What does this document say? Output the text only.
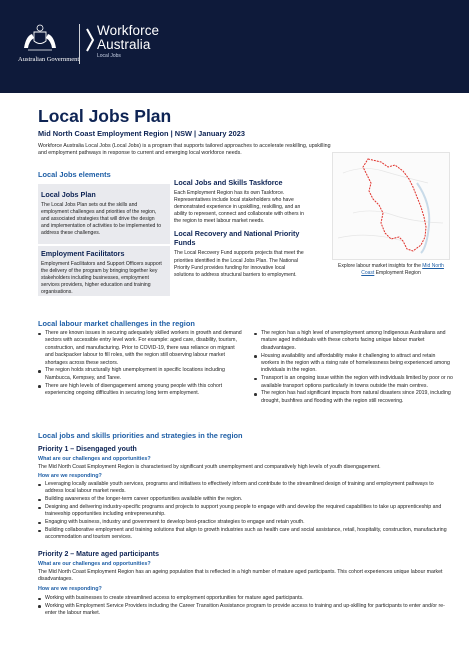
Australian Government
Workforce
Australia
Local Jobs
Local Jobs Plan
Mid North Coast Employment Region | NSW | January 2023
Workforce Australia Local Jobs (Local Jobs) is a program that supports tailored approaches to accelerate reskilling, upskilling and employment pathways in response to current and emerging local workforce needs.
Local Jobs elements
Local Jobs Plan
The Local Jobs Plan sets out the skills and employment challenges and priorities of the region, and associated strategies that will drive the design and implementation of activities to be implemented to address these challenges.
Employment Facilitators
Employment Facilitators and Support Officers support the delivery of the program by bringing together key stakeholders including businesses, employment services providers, higher education and training organisations.
Local Jobs and Skills Taskforce
Each Employment Region has its own Taskforce. Representatives include local stakeholders who have demonstrated experience in upskilling, reskilling, and an ability to represent, connect and collaborate with others in the region to meet labour market needs.
Local Recovery and National Priority Funds
The Local Recovery Fund supports projects that meet the priorities identified in the Local Jobs Plan. The National Priority Fund provides funding for innovative local solutions to address structural barriers to employment.
Explore labour market insights for the Mid North Coast Employment Region
Local labour market challenges in the region
There are known issues in securing adequately skilled workers in growth and demand sectors with accessible entry level work. For example: aged care, disability, tourism, construction, and manufacturing. Prior to COVID-19, there was reliance on migrant and backpacker labour to fill roles, with the region still observing labour market shortages across these sectors.
The region holds structurally high unemployment in specific locations including Nambucca, Kempsey, and Taree.
There are high levels of disengagement among young people with this cohort experiencing ongoing difficulties in securing long term employment.
The region has a high level of unemployment among Indigenous Australians and mature aged individuals with these cohorts facing unique labour market disadvantages.
Housing availability and affordability make it challenging to attract and retain workers in the region with a rising rate of homelessness being experienced among individuals in the region.
Transport is an ongoing issue within the region with individuals limited by poor or no available transport options particularly in towns outside the main centres.
The region has had significant impacts from natural disasters since 2019, including drought, bushfires and flooding with the region still recovering.
Local jobs and skills priorities and strategies in the region
Priority 1 – Disengaged youth
What are our challenges and opportunities?
The Mid North Coast Employment Region is characterised by significant youth unemployment and comparatively high levels of youth disengagement.
How are we responding?
Leveraging locally available youth services, programs and initiatives to effectively inform and contribute to the streamlined design of training and employment pathways to address local labour market needs.
Building awareness of the longer-term career opportunities available within the region.
Designing and delivering industry-specific programs and projects to support young people to engage with and develop the required capabilities to take up apprenticeship and traineeship opportunities including entrepreneurship.
Engaging with business, industry and government to develop best-practice strategies to engage and retain youth.
Building collaborative employment and training solutions that align to growth industries such as health care and social assistance, retail, hospitality, construction, manufacturing accommodation and tourism services.
Priority 2 – Mature aged participants
What are our challenges and opportunities?
The Mid North Coast Employment Region has an ageing population that is reflected in a high number of mature aged participants. This cohort experiences unique labour market disadvantages.
How are we responding?
Working with businesses to create streamlined access to employment opportunities for mature aged participants.
Working with Employment Service Providers including the Career Transition Assistance program to provide access to training and up-skilling for participants to enter and/or re-enter the labour market.
